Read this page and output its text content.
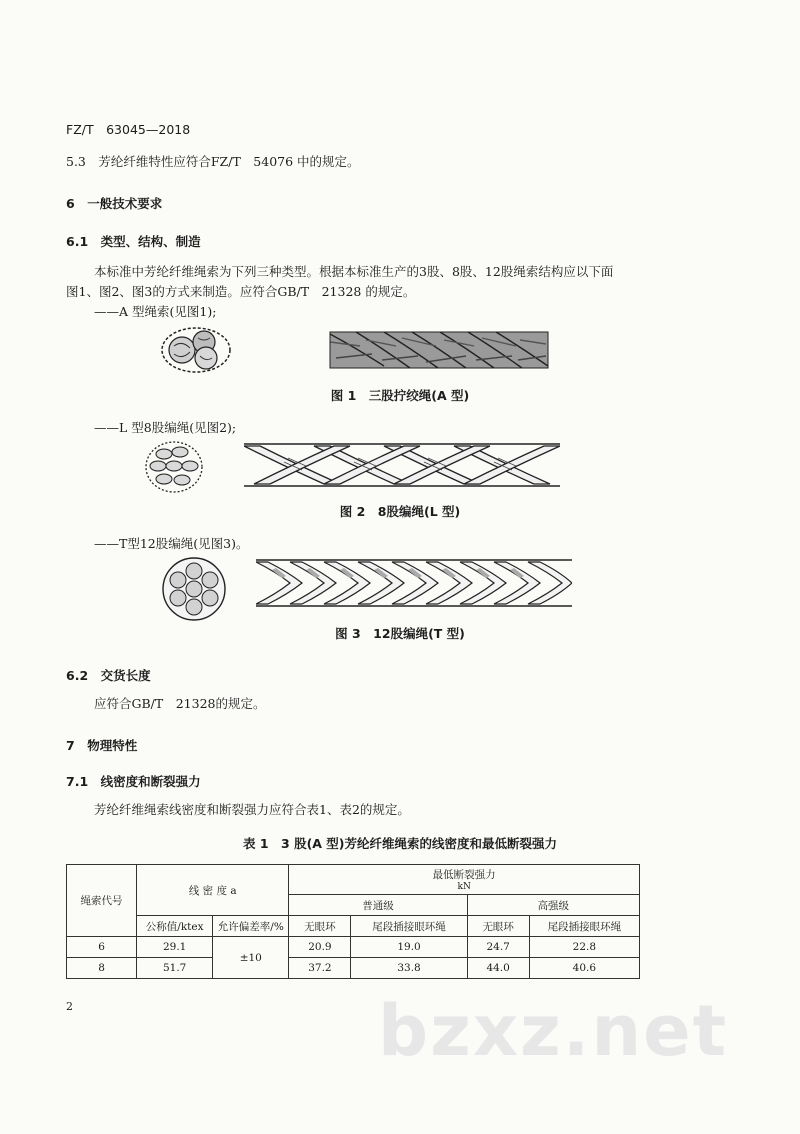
FZ/T　63045—2018
5.3　芳纶纤维特性应符合FZ/T　54076 中的规定。
6　一般技术要求
6.1　类型、结构、制造
本标准中芳纶纤维绳索为下列三种类型。根据本标准生产的3股、8股、12股绳索结构应以下面
图1、图2、图3的方式来制造。应符合GB/T　21328 的规定。
——A 型绳索(见图1);
图 1　三股拧绞绳(A 型)
——L 型8股编绳(见图2);
图 2　8股编绳(L 型)
——T型12股编绳(见图3)。
图 3　12股编绳(T 型)
6.2　交货长度
应符合GB/T　21328的规定。
7　物理特性
7.1　线密度和断裂强力
芳纶纤维绳索线密度和断裂强力应符合表1、表2的规定。
表 1　3 股(A 型)芳纶纤维绳索的线密度和最低断裂强力
绳索代号	线 密 度 a		最低断裂强力
kN			

			普通级		高强级	
	公称值/ktex	允许偏差率/%	无眼环	尾段插接眼环绳	无眼环	尾段插接眼环绳
6	29.1	±10	20.9	19.0	24.7	22.8
8	51.7		37.2	33.8	44.0	40.6
2	bzxz.net
